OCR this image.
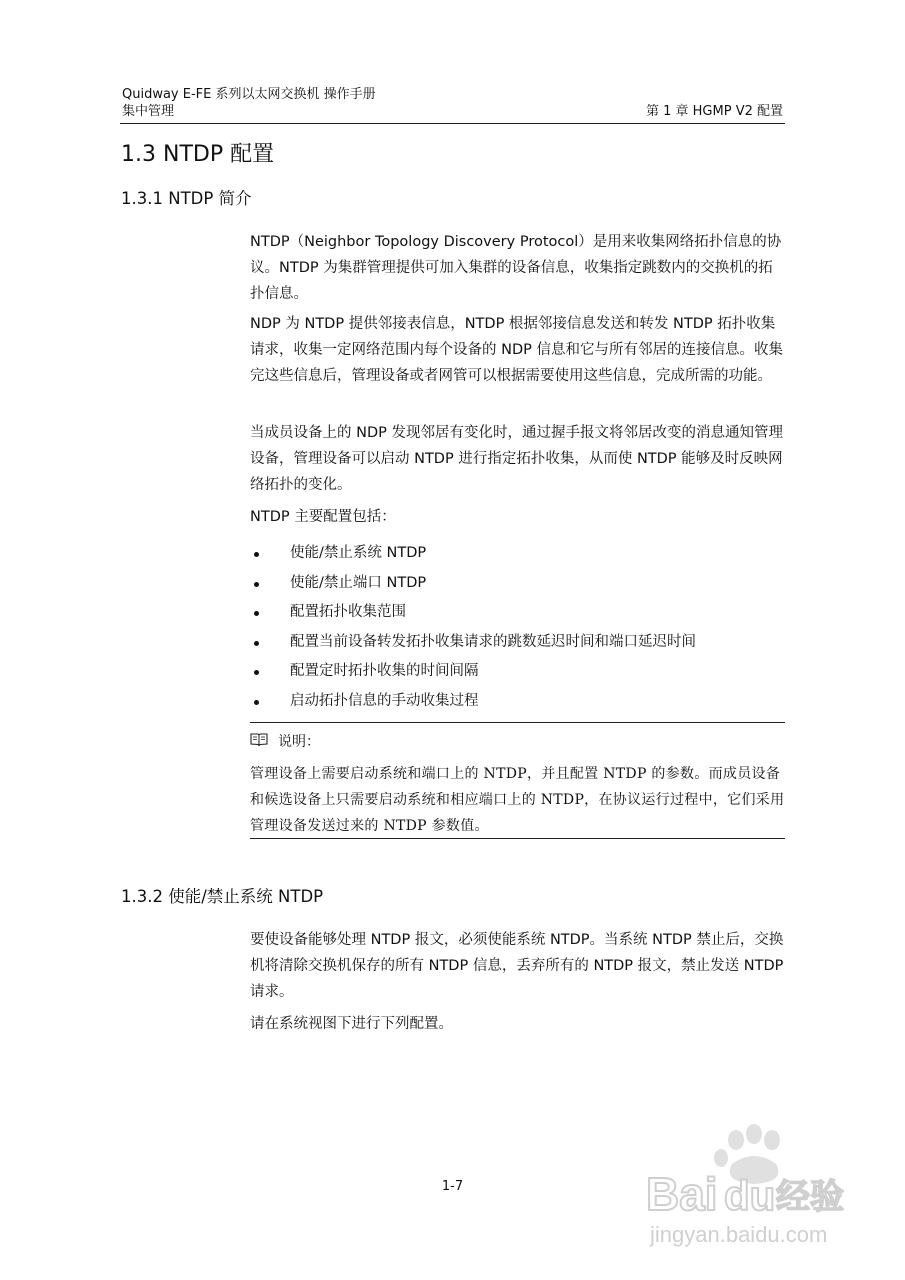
Quidway E-FE 系列以太网交换机 操作手册
集中管理	第 1 章 HGMP V2 配置
1.3 NTDP 配置
1.3.1 NTDP 简介

NTDP（Neighbor Topology Discovery Protocol）是用来收集网络拓扑信息的协议。NTDP 为集群管理提供可加入集群的设备信息，收集指定跳数内的交换机的拓扑信息。

NDP 为 NTDP 提供邻接表信息，NTDP 根据邻接信息发送和转发 NTDP 拓扑收集请求，收集一定网络范围内每个设备的 NDP 信息和它与所有邻居的连接信息。收集完这些信息后，管理设备或者网管可以根据需要使用这些信息，完成所需的功能。

当成员设备上的 NDP 发现邻居有变化时，通过握手报文将邻居改变的消息通知管理设备，管理设备可以启动 NTDP 进行指定拓扑收集，从而使 NTDP 能够及时反映网络拓扑的变化。

NTDP 主要配置包括：

使能/禁止系统 NTDP
使能/禁止端口 NTDP
配置拓扑收集范围
配置当前设备转发拓扑收集请求的跳数延迟时间和端口延迟时间
配置定时拓扑收集的时间间隔
启动拓扑信息的手动收集过程
说明：

管理设备上需要启动系统和端口上的 NTDP，并且配置 NTDP 的参数。而成员设备和候选设备上只需要启动系统和相应端口上的 NTDP，在协议运行过程中，它们采用管理设备发送过来的 NTDP 参数值。

1.3.2 使能/禁止系统 NTDP

要使设备能够处理 NTDP 报文，必须使能系统 NTDP。当系统 NTDP 禁止后，交换机将清除交换机保存的所有 NTDP 信息，丢弃所有的 NTDP 报文，禁止发送 NTDP 请求。

请在系统视图下进行下列配置。

1-7	Bai du 经验
jingyan.baidu.com
